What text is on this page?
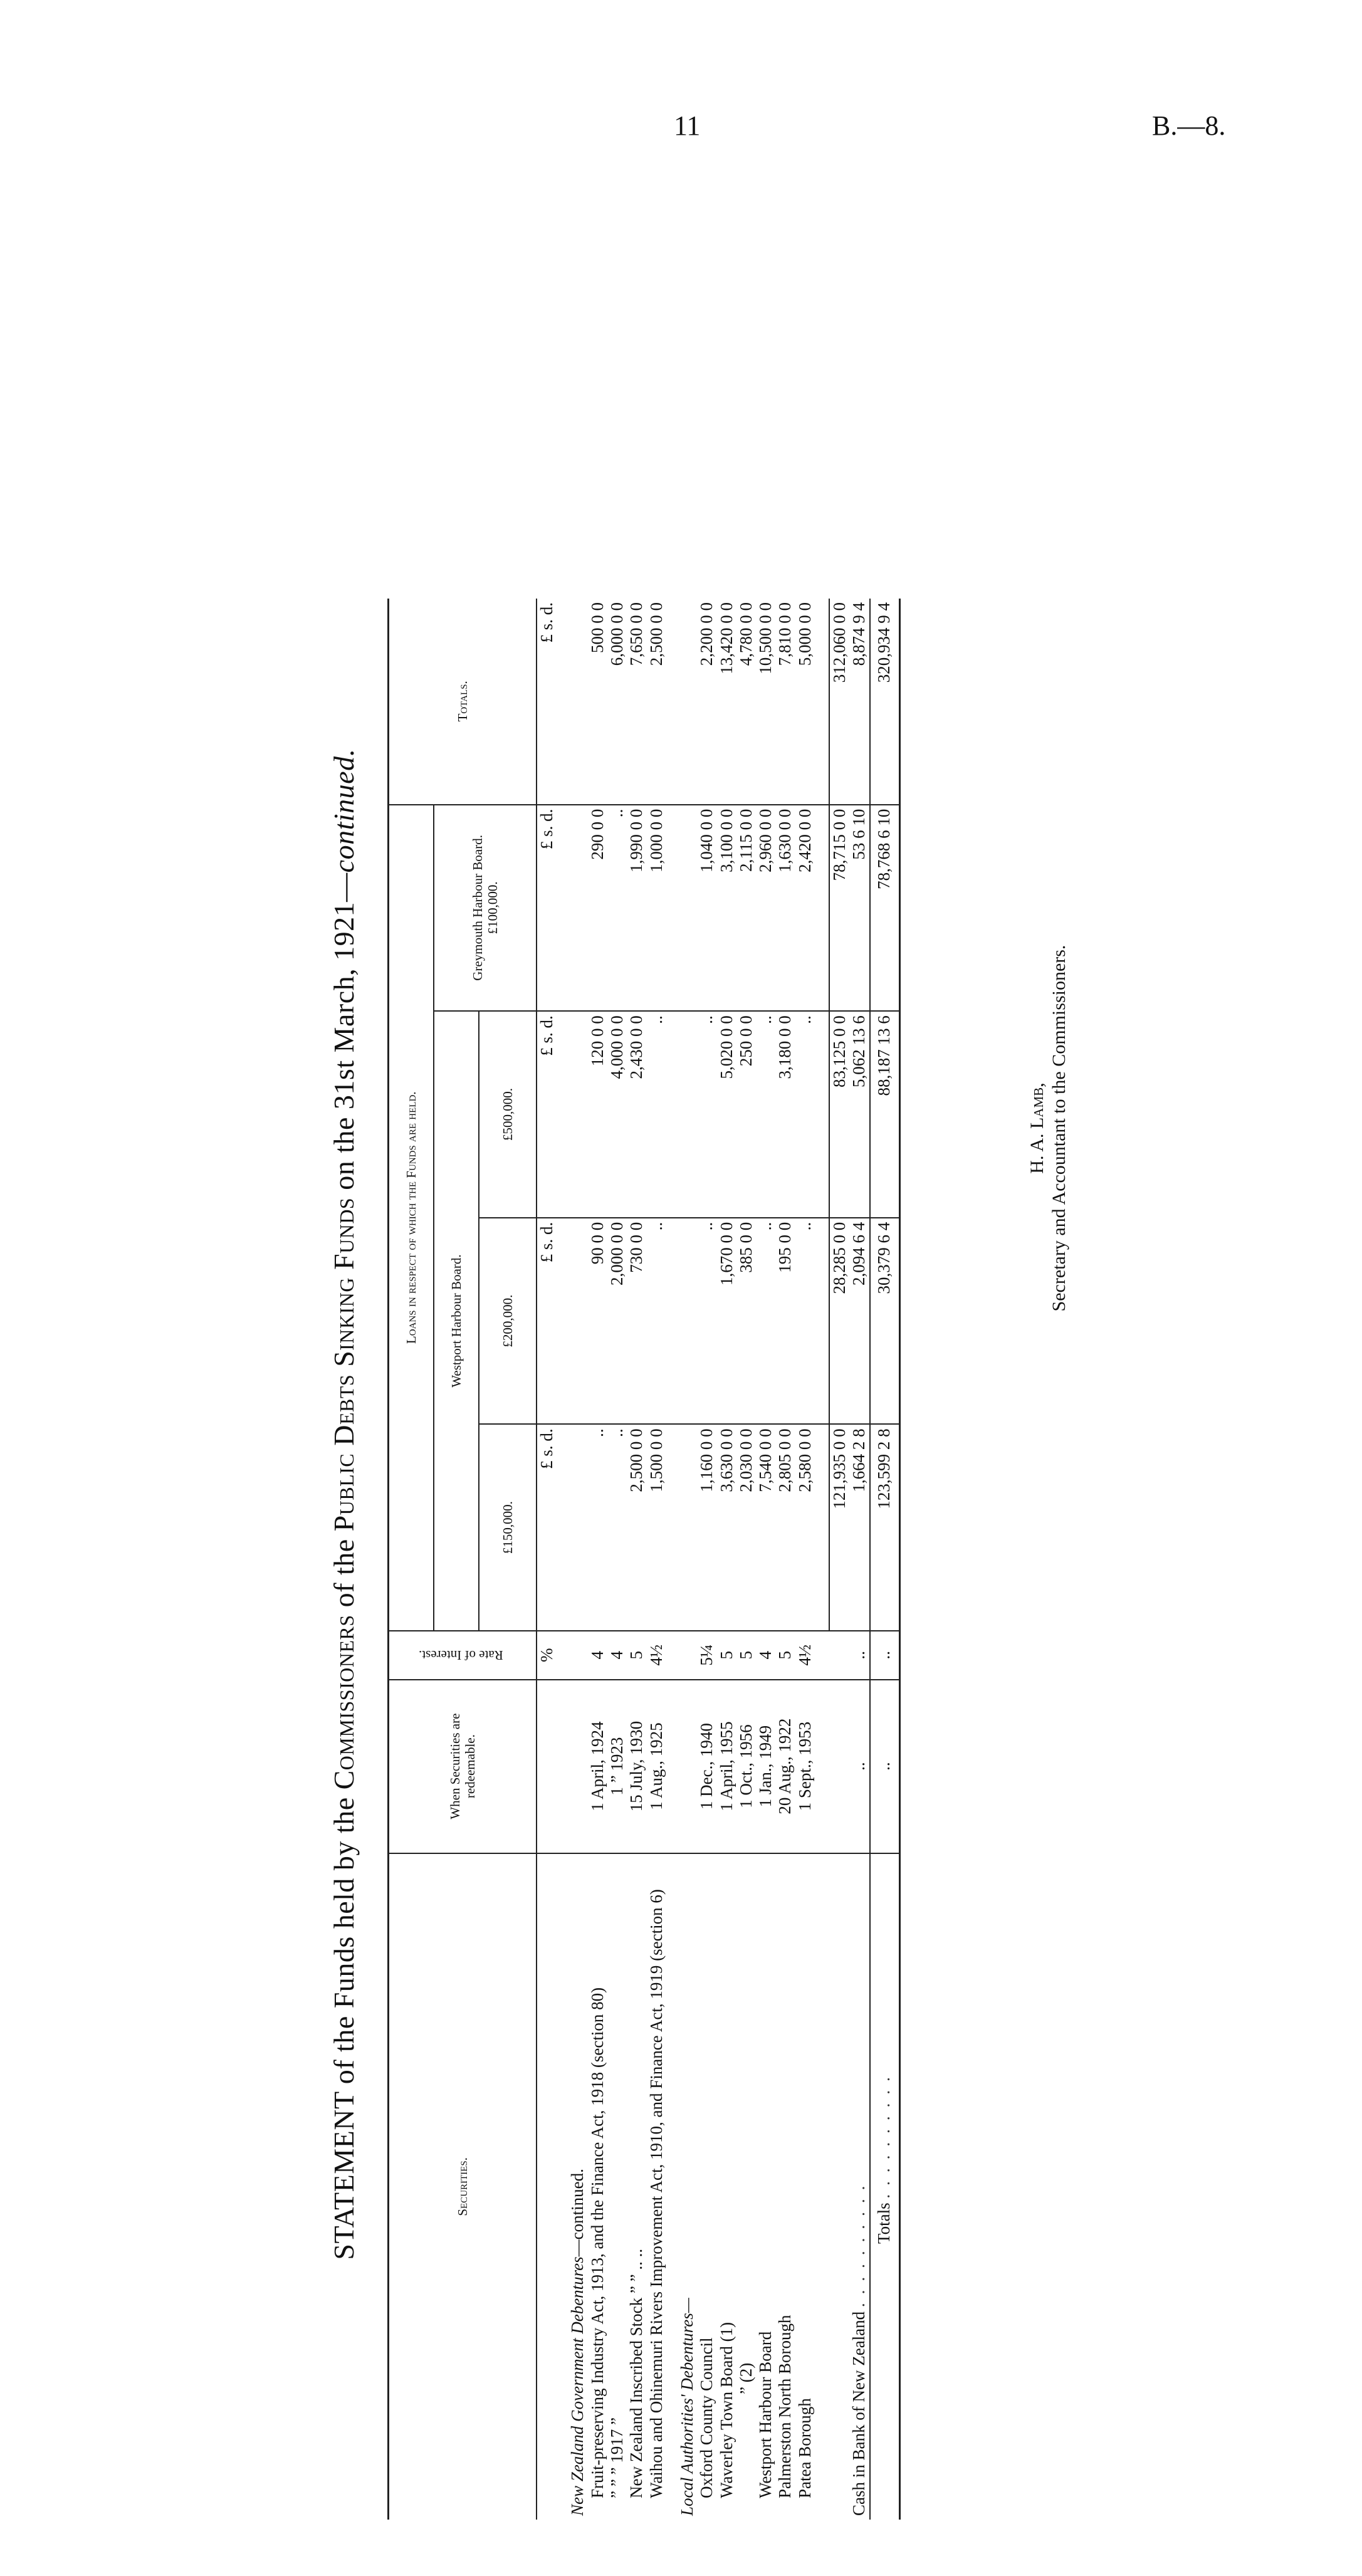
11	B.—8.
STATEMENT of the Funds held by the Commissioners of the Public Debts Sinking Funds on the 31st March, 1921—continued.
Securities.	When Securities are redeemable.	Rate of Interest.	Loans in respect of which the Funds are held.				Totals.
			Westport Harbour Board.			Greymouth Harbour Board. £100,000.	
			£150,000.	£200,000.	£500,000.		
		%	£ s. d.	£ s. d.	£ s. d.	£ s. d.	£ s. d.
New Zealand Government Debentures—continued.							
Fruit-preserving Industry Act, 1913, and the Finance Act, 1918 (section 80)	1 April, 1924	4	..	90 0 0	120 0 0	290 0 0	500 0 0
” ” ” 1917 ”	1 ” 1923	4	..	2,000 0 0	4,000 0 0	..	6,000 0 0
New Zealand Inscribed Stock ” ” .. ..	15 July, 1930	5	2,500 0 0	730 0 0	2,430 0 0	1,990 0 0	7,650 0 0
Waihou and Ohinemuri Rivers Improvement Act, 1910, and Finance Act, 1919 (section 6)	1 Aug., 1925	4½	1,500 0 0	..	..	1,000 0 0	2,500 0 0
Local Authorities' Debentures—							
Oxford County Council	1 Dec., 1940	5¼	1,160 0 0	..	..	1,040 0 0	2,200 0 0
Waverley Town Board (1)	1 April, 1955	5	3,630 0 0	1,670 0 0	5,020 0 0	3,100 0 0	13,420 0 0
” (2)	1 Oct., 1956	5	2,030 0 0	385 0 0	250 0 0	2,115 0 0	4,780 0 0
Westport Harbour Board	1 Jan., 1949	4	7,540 0 0	..	..	2,960 0 0	10,500 0 0
Palmerston North Borough	20 Aug., 1922	5	2,805 0 0	195 0 0	3,180 0 0	1,630 0 0	7,810 0 0
Patea Borough	1 Sept., 1953	4½	2,580 0 0	..	..	2,420 0 0	5,000 0 0

			121,935 0 0	28,285 0 0	83,125 0 0	78,715 0 0	312,060 0 0
Cash in Bank of New Zealand ..........	..	..	1,664 2 8	2,094 6 4	5,062 13 6	53 6 10	8,874 9 4
Totals ..........	..	..	123,599 2 8	30,379 6 4	88,187 13 6	78,768 6 10	320,934 9 4
H. A. Lamb, Secretary and Accountant to the Commissioners.
